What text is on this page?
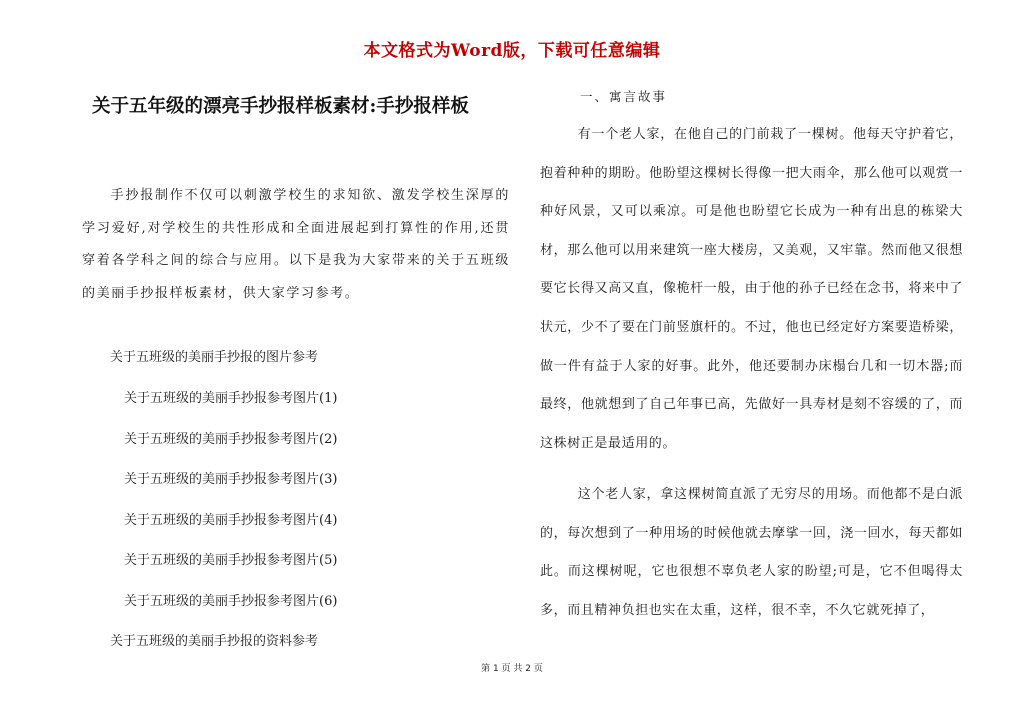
本文格式为Word版，下载可任意编辑
关于五年级的漂亮手抄报样板素材:手抄报样板

手抄报制作不仅可以刺激学校生的求知欲、激发学校生深厚的学习爱好,对学校生的共性形成和全面进展起到打算性的作用,还贯穿着各学科之间的综合与应用。以下是我为大家带来的关于五班级的美丽手抄报样板素材，供大家学习参考。

关于五班级的美丽手抄报的图片参考
关于五班级的美丽手抄报参考图片(1)
关于五班级的美丽手抄报参考图片(2)
关于五班级的美丽手抄报参考图片(3)
关于五班级的美丽手抄报参考图片(4)
关于五班级的美丽手抄报参考图片(5)
关于五班级的美丽手抄报参考图片(6)
关于五班级的美丽手抄报的资料参考
一、寓言故事

有一个老人家，在他自己的门前栽了一棵树。他每天守护着它，抱着种种的期盼。他盼望这棵树长得像一把大雨伞，那么他可以观赏一种好风景，又可以乘凉。可是他也盼望它长成为一种有出息的栋梁大材，那么他可以用来建筑一座大楼房，又美观，又牢靠。然而他又很想要它长得又高又直，像桅杆一般，由于他的孙子已经在念书，将来中了状元，少不了要在门前竖旗杆的。不过，他也已经定好方案要造桥梁，做一件有益于人家的好事。此外，他还要制办床榻台几和一切木器;而最终，他就想到了自己年事已高，先做好一具寿材是刻不容缓的了，而这株树正是最适用的。

这个老人家，拿这棵树简直派了无穷尽的用场。而他都不是白派的，每次想到了一种用场的时候他就去摩挲一回，浇一回水，每天都如此。而这棵树呢，它也很想不辜负老人家的盼望;可是，它不但喝得太多，而且精神负担也实在太重，这样，很不幸，不久它就死掉了，

第 1 页 共 2 页
